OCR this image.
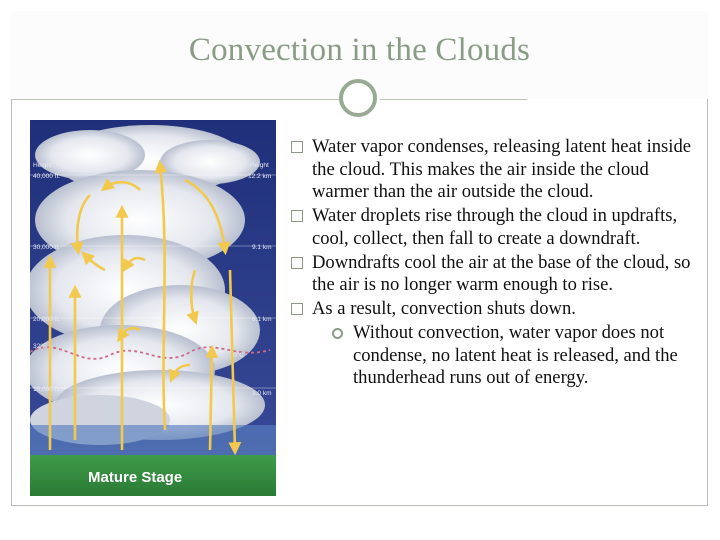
Convection in the Clouds
Height
40,000 ft.
30,000 ft.
20,000 ft.
32°F
10,000 ft.
Height
12.2 km
9.1 km
6.1 km
0°C
3.0 km
Mature Stage
Water vapor condenses, releasing latent heat inside the cloud. This makes the air inside the cloud warmer than the air outside the cloud.
Water droplets rise through the cloud in updrafts, cool, collect, then fall to create a downdraft.
Downdrafts cool the air at the base of the cloud, so the air is no longer warm enough to rise.
As a result, convection shuts down.
Without convection, water vapor does not condense, no latent heat is released, and the thunderhead runs out of energy.
